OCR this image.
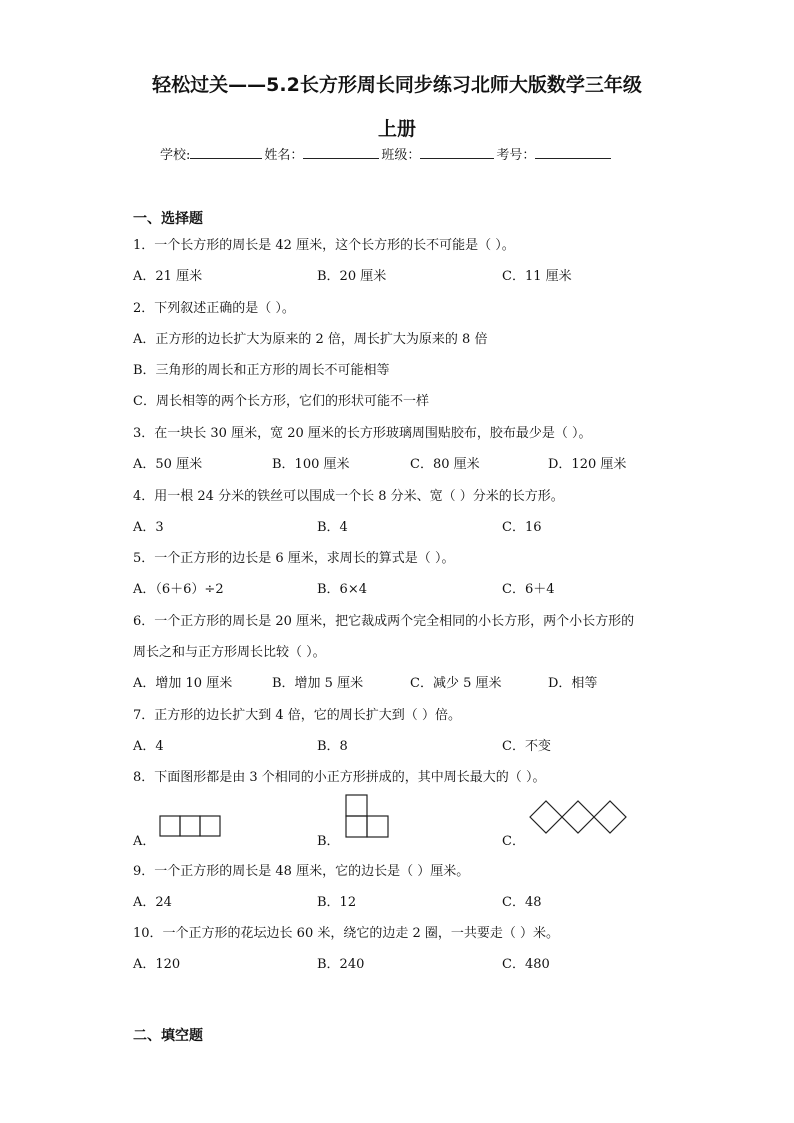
轻松过关——5.2长方形周长同步练习北师大版数学三年级
上册
学校:	姓名：	班级：	考号：
一、选择题
1．一个长方形的周长是 42 厘米，这个长方形的长不可能是（ ）。
A．21 厘米	B．20 厘米	C．11 厘米
2．下列叙述正确的是（ ）。
A．正方形的边长扩大为原来的 2 倍，周长扩大为原来的 8 倍
B．三角形的周长和正方形的周长不可能相等
C．周长相等的两个长方形，它们的形状可能不一样
3．在一块长 30 厘米，宽 20 厘米的长方形玻璃周围贴胶布，胶布最少是（ ）。
A．50 厘米	B．100 厘米	C．80 厘米	D．120 厘米
4．用一根 24 分米的铁丝可以围成一个长 8 分米、宽（ ）分米的长方形。
A．3	B．4	C．16
5．一个正方形的边长是 6 厘米，求周长的算式是（ ）。
A．（6＋6）÷2	B．6×4	C．6＋4
6．一个正方形的周长是 20 厘米，把它裁成两个完全相同的小长方形，两个小长方形的
周长之和与正方形周长比较（ ）。
A．增加 10 厘米	B．增加 5 厘米	C．减少 5 厘米	D．相等
7．正方形的边长扩大到 4 倍，它的周长扩大到（ ）倍。
A．4	B．8	C．不变
8．下面图形都是由 3 个相同的小正方形拼成的，其中周长最大的（ ）。
A．	B．	C．
9．一个正方形的周长是 48 厘米，它的边长是（ ）厘米。
A．24	B．12	C．48
10．一个正方形的花坛边长 60 米，绕它的边走 2 圈，一共要走（ ）米。
A．120	B．240	C．480
二、填空题
